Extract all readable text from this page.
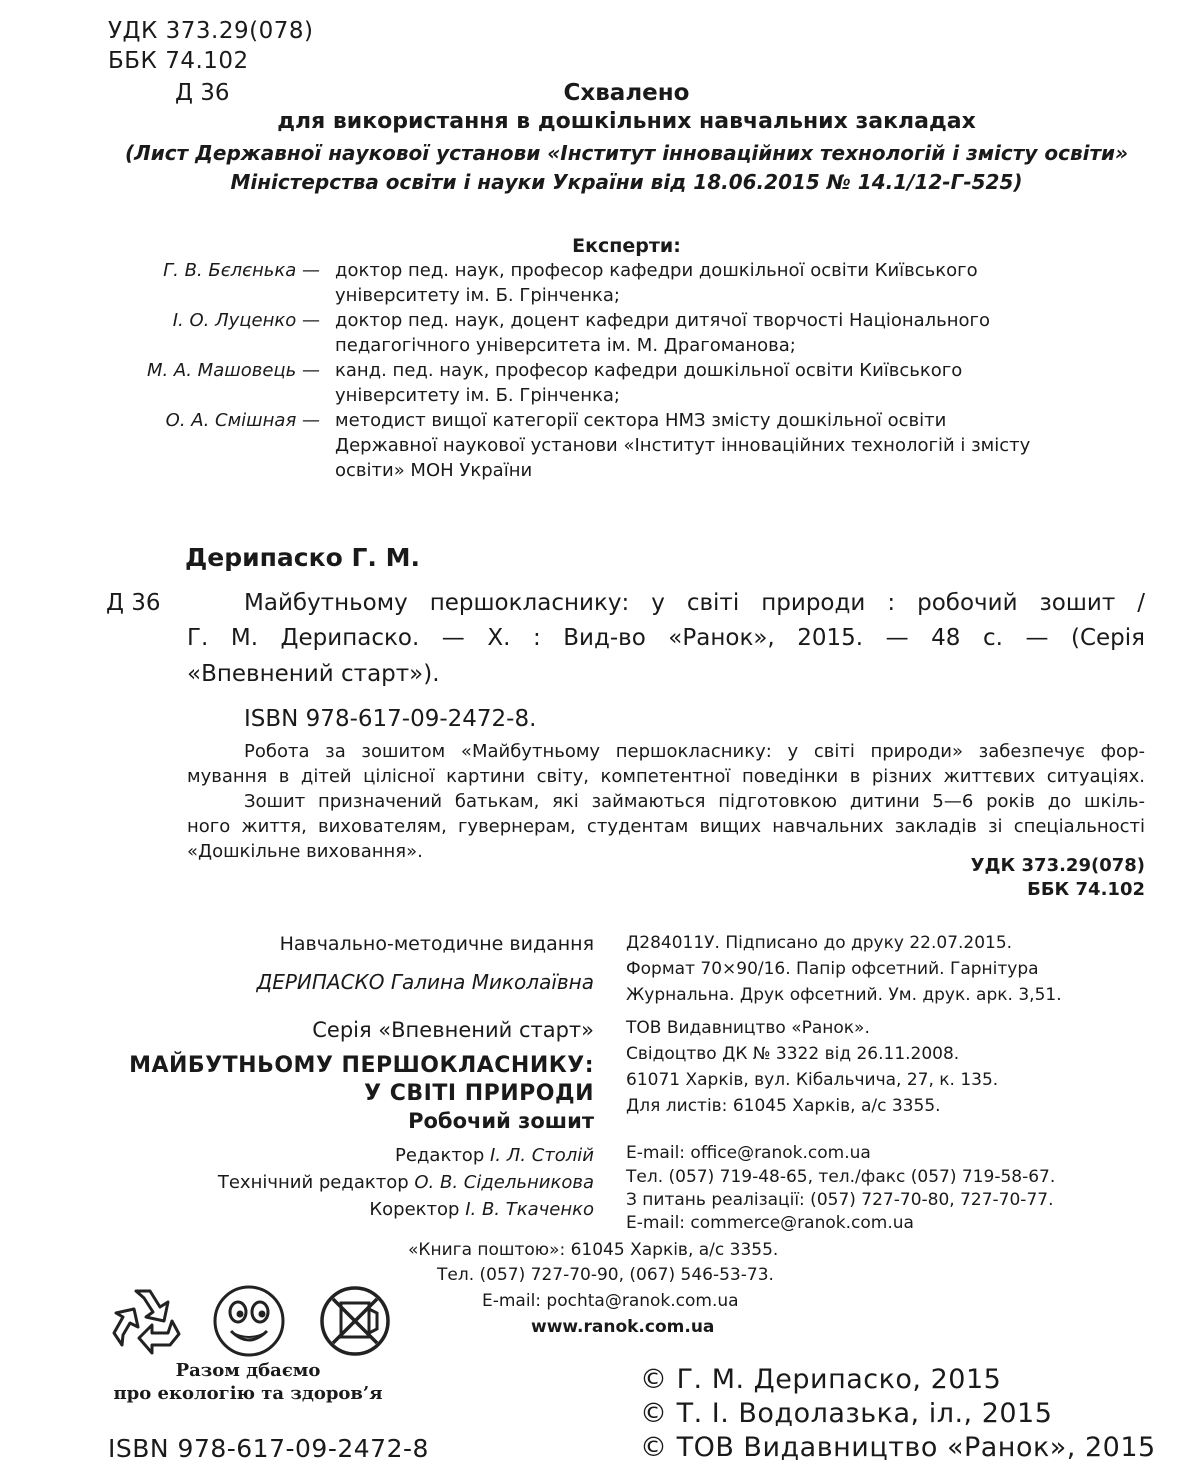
УДК 373.29(078)
ББК 74.102
Д 36	Схвалено
для використання в дошкільних навчальних закладах
(Лист Державної наукової установи «Інститут інноваційних технологій і змісту освіти»
Міністерства освіти і науки України від 18.06.2015 № 14.1/12-Г-525)
Експерти:
Г. В. Бєлєнька — доктор пед. наук, професор кафедри дошкільної освіти Київського
університету ім. Б. Грінченка;
І. О. Луценко — доктор пед. наук, доцент кафедри дитячої творчості Національного
педагогічного університета ім. М. Драгоманова;
М. А. Машовець — канд. пед. наук, професор кафедри дошкільної освіти Київського
університету ім. Б. Грінченка;
О. А. Смішная — методист вищої категорії сектора НМЗ змісту дошкільної освіти
Державної наукової установи «Інститут інноваційних технологій і змісту
освіти» МОН України
Дерипаско Г. М.
Д 36	Майбутньому першокласнику: у світі природи : робочий зошит /
Г. М. Дерипаско. — Х. : Вид-во «Ранок», 2015. — 48 с. — (Серія
«Впевнений старт»).
ISBN 978-617-09-2472-8.
Робота за зошитом «Майбутньому першокласнику: у світі природи» забезпечує фор-
мування в дітей цілісної картини світу, компетентної поведінки в різних життєвих ситуаціях.
Зошит призначений батькам, які займаються підготовкою дитини 5—6 років до шкіль-
ного життя, вихователям, гувернерам, студентам вищих навчальних закладів зі спеціальності
«Дошкільне виховання».
УДК 373.29(078)
ББК 74.102
Навчально-методичне видання
ДЕРИПАСКО Галина Миколаївна
Серія «Впевнений старт»
МАЙБУТНЬОМУ ПЕРШОКЛАСНИКУ:
У СВІТІ ПРИРОДИ
Робочий зошит
Редактор І. Л. Столій
Технічний редактор О. В. Сідельникова
Коректор І. В. Ткаченко
Д284011У. Підписано до друку 22.07.2015.
Формат 70×90/16. Папір офсетний. Гарнітура
Журнальна. Друк офсетний. Ум. друк. арк. 3,51.
ТОВ Видавництво «Ранок».
Свідоцтво ДК № 3322 від 26.11.2008.
61071 Харків, вул. Кібальчича, 27, к. 135.
Для листів: 61045 Харків, а/с 3355.
E-mail: office@ranok.com.ua
Тел. (057) 719-48-65, тел./факс (057) 719-58-67.
З питань реалізації: (057) 727-70-80, 727-70-77.
E-mail: commerce@ranok.com.ua
«Книга поштою»: 61045 Харків, а/с 3355.
Тел. (057) 727-70-90, (067) 546-53-73.
E-mail: pochta@ranok.com.ua
www.ranok.com.ua
Разом дбаємо
про екологію та здоров’я
ISBN 978-617-09-2472-8
© Г. М. Дерипаско, 2015
© Т. І. Водолазька, іл., 2015
© ТОВ Видавництво «Ранок», 2015
